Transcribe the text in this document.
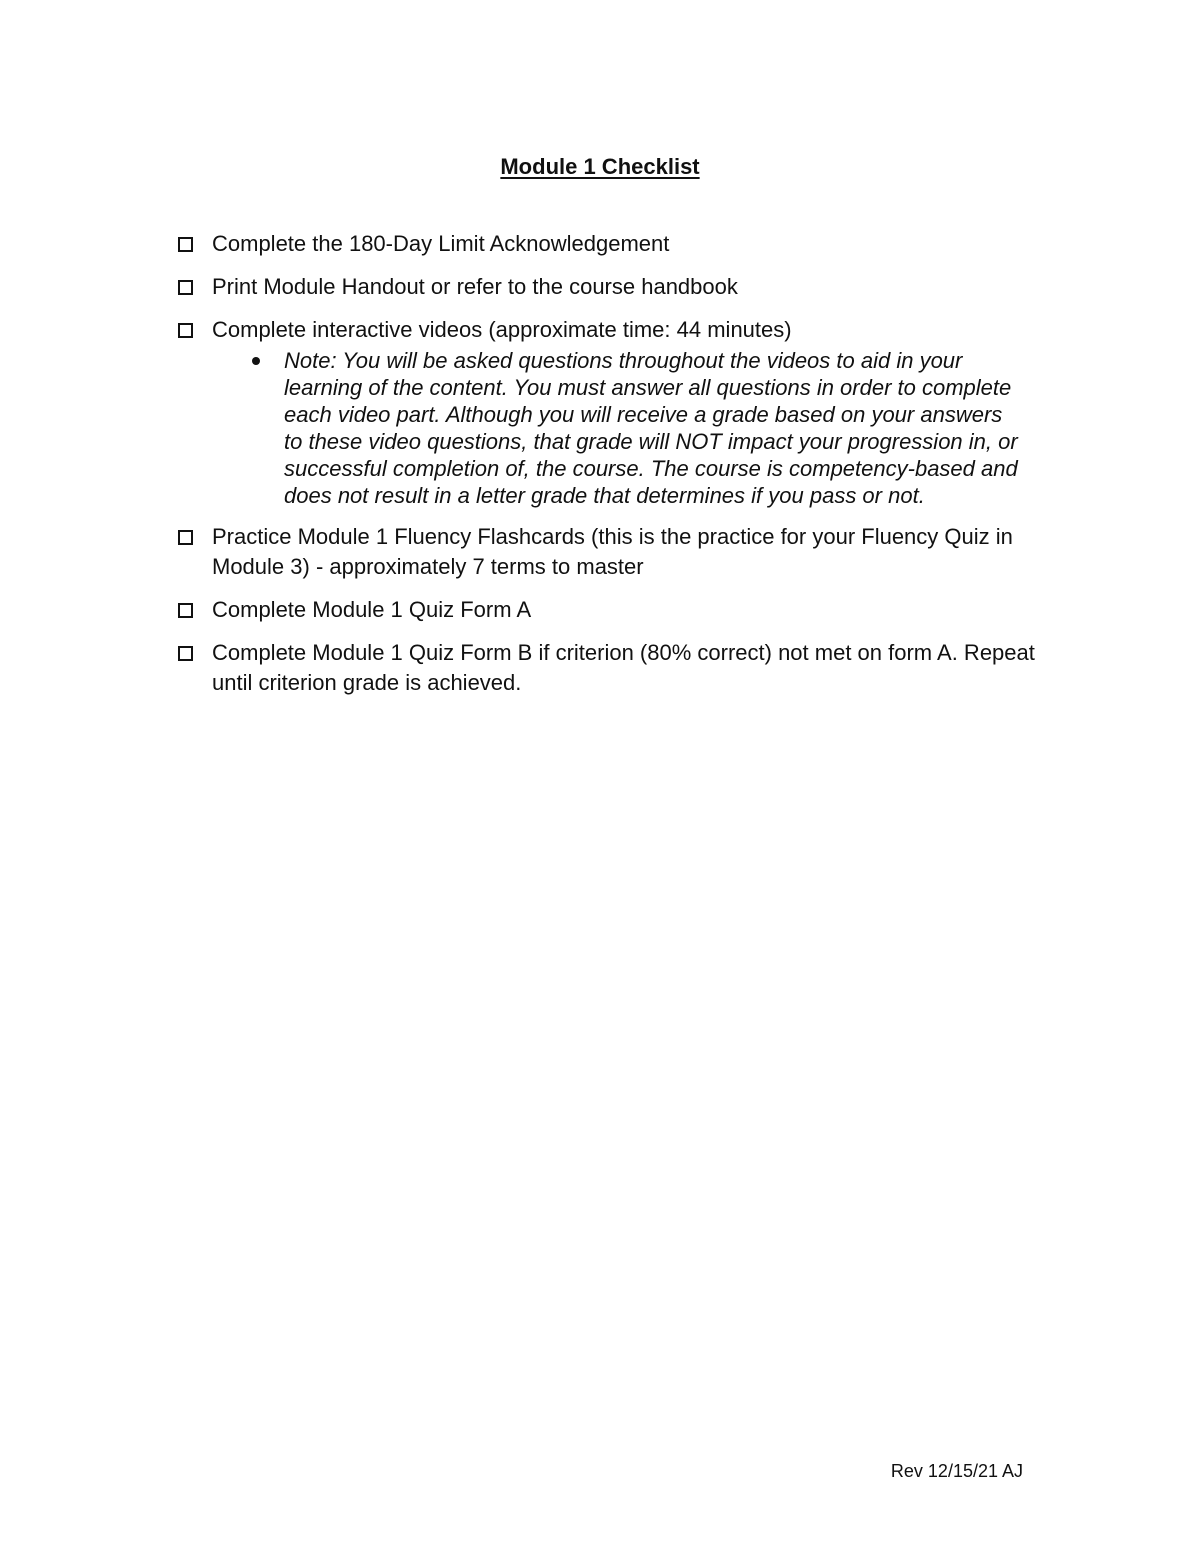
Module 1 Checklist
Complete the 180-Day Limit Acknowledgement
Print Module Handout or refer to the course handbook
Complete interactive videos (approximate time: 44 minutes)
Note: You will be asked questions throughout the videos to aid in your learning of the content. You must answer all questions in order to complete each video part. Although you will receive a grade based on your answers to these video questions, that grade will NOT impact your progression in, or successful completion of, the course. The course is competency-based and does not result in a letter grade that determines if you pass or not.
Practice Module 1 Fluency Flashcards (this is the practice for your Fluency Quiz in Module 3) - approximately 7 terms to master
Complete Module 1 Quiz Form A
Complete Module 1 Quiz Form B if criterion (80% correct) not met on form A. Repeat until criterion grade is achieved.
Rev 12/15/21 AJ
